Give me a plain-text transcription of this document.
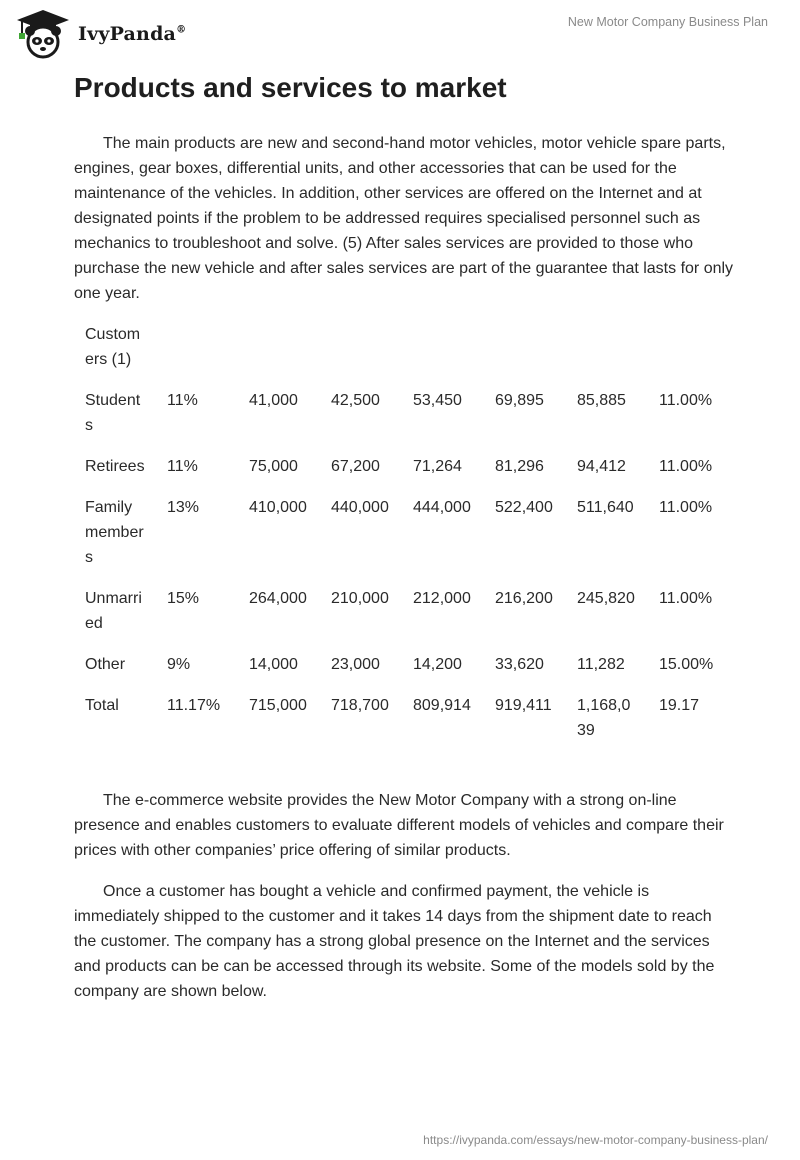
IvyPanda®
New Motor Company Business Plan
Products and services to market

The main products are new and second-hand motor vehicles, motor vehicle spare parts, engines, gear boxes, differential units, and other accessories that can be used for the maintenance of the vehicles. In addition, other services are offered on the Internet and at designated points if the problem to be addressed requires specialised personnel such as mechanics to troubleshoot and solve. (5) After sales services are provided to those who purchase the new vehicle and after sales services are part of the guarantee that lasts for only one year.

Customers (1)							
Students	11%	41,000	42,500	53,450	69,895	85,885	11.00%
Retirees	11%	75,000	67,200	71,264	81,296	94,412	11.00%
Family members	13%	410,000	440,000	444,000	522,400	511,640	11.00%
Unmarried	15%	264,000	210,000	212,000	216,200	245,820	11.00%
Other	9%	14,000	23,000	14,200	33,620	11,282	15.00%
Total	11.17%	715,000	718,700	809,914	919,411	1,168,039	19.17

The e-commerce website provides the New Motor Company with a strong on-line presence and enables customers to evaluate different models of vehicles and compare their prices with other companies’ price offering of similar products.

Once a customer has bought a vehicle and confirmed payment, the vehicle is immediately shipped to the customer and it takes 14 days from the shipment date to reach the customer. The company has a strong global presence on the Internet and the services and products can be can be accessed through its website. Some of the models sold by the company are shown below.

https://ivypanda.com/essays/new-motor-company-business-plan/
